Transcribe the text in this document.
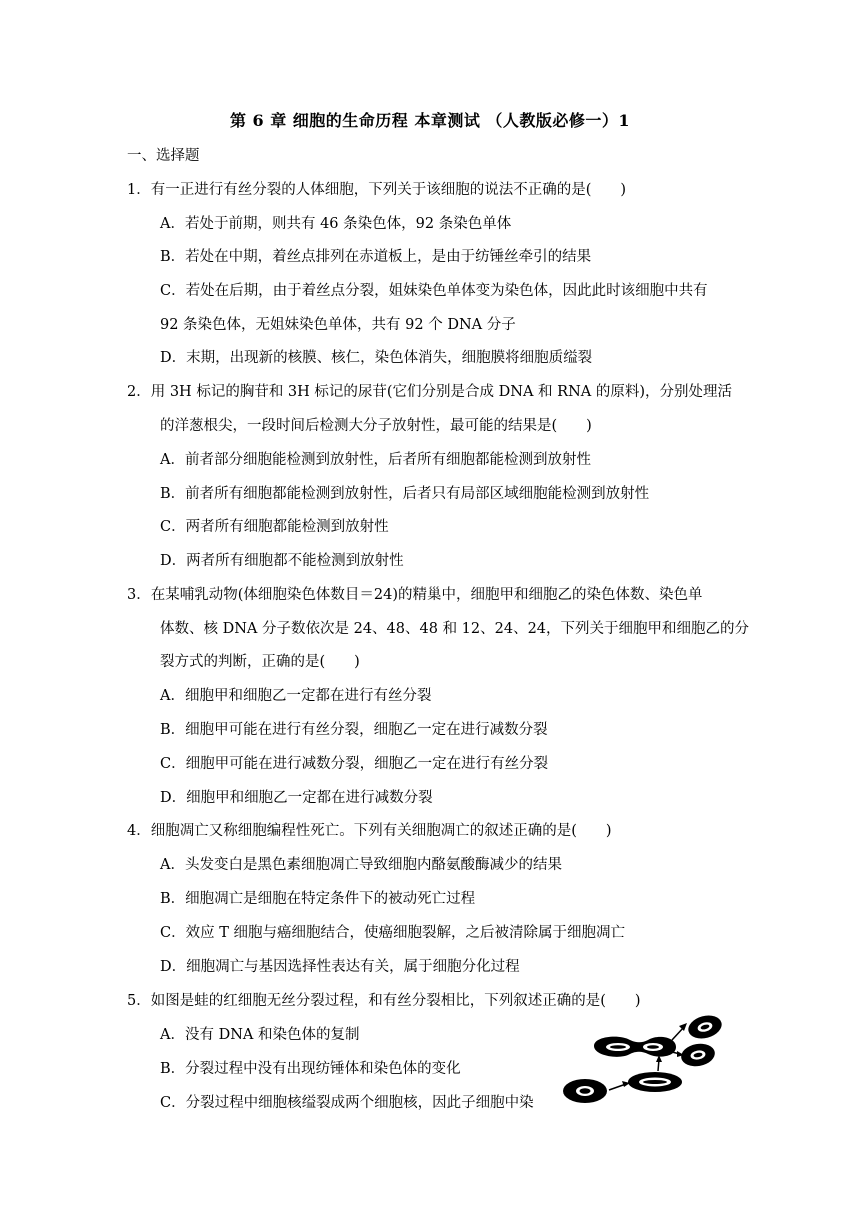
第 6 章 细胞的生命历程 本章测试 （人教版必修一）1
一、选择题
1．有一正进行有丝分裂的人体细胞，下列关于该细胞的说法不正确的是(　　)
A．若处于前期，则共有 46 条染色体，92 条染色单体
B．若处在中期，着丝点排列在赤道板上，是由于纺锤丝牵引的结果
C．若处在后期，由于着丝点分裂，姐妹染色单体变为染色体，因此此时该细胞中共有
92 条染色体，无姐妹染色单体，共有 92 个 DNA 分子
D．末期，出现新的核膜、核仁，染色体消失，细胞膜将细胞质缢裂
2．用 3H 标记的胸苷和 3H 标记的尿苷(它们分别是合成 DNA 和 RNA 的原料)，分别处理活
的洋葱根尖，一段时间后检测大分子放射性，最可能的结果是(　　)
A．前者部分细胞能检测到放射性，后者所有细胞都能检测到放射性
B．前者所有细胞都能检测到放射性，后者只有局部区域细胞能检测到放射性
C．两者所有细胞都能检测到放射性
D．两者所有细胞都不能检测到放射性
3．在某哺乳动物(体细胞染色体数目＝24)的精巢中，细胞甲和细胞乙的染色体数、染色单
体数、核 DNA 分子数依次是 24、48、48 和 12、24、24，下列关于细胞甲和细胞乙的分
裂方式的判断，正确的是(　　)
A．细胞甲和细胞乙一定都在进行有丝分裂
B．细胞甲可能在进行有丝分裂，细胞乙一定在进行减数分裂
C．细胞甲可能在进行减数分裂，细胞乙一定在进行有丝分裂
D．细胞甲和细胞乙一定都在进行减数分裂
4．细胞凋亡又称细胞编程性死亡。下列有关细胞凋亡的叙述正确的是(　　)
A．头发变白是黑色素细胞凋亡导致细胞内酪氨酸酶减少的结果
B．细胞凋亡是细胞在特定条件下的被动死亡过程
C．效应 T 细胞与癌细胞结合，使癌细胞裂解，之后被清除属于细胞凋亡
D．细胞凋亡与基因选择性表达有关，属于细胞分化过程
5．如图是蛙的红细胞无丝分裂过程，和有丝分裂相比，下列叙述正确的是(　　)
A．没有 DNA 和染色体的复制
B．分裂过程中没有出现纺锤体和染色体的变化
C．分裂过程中细胞核缢裂成两个细胞核，因此子细胞中染
